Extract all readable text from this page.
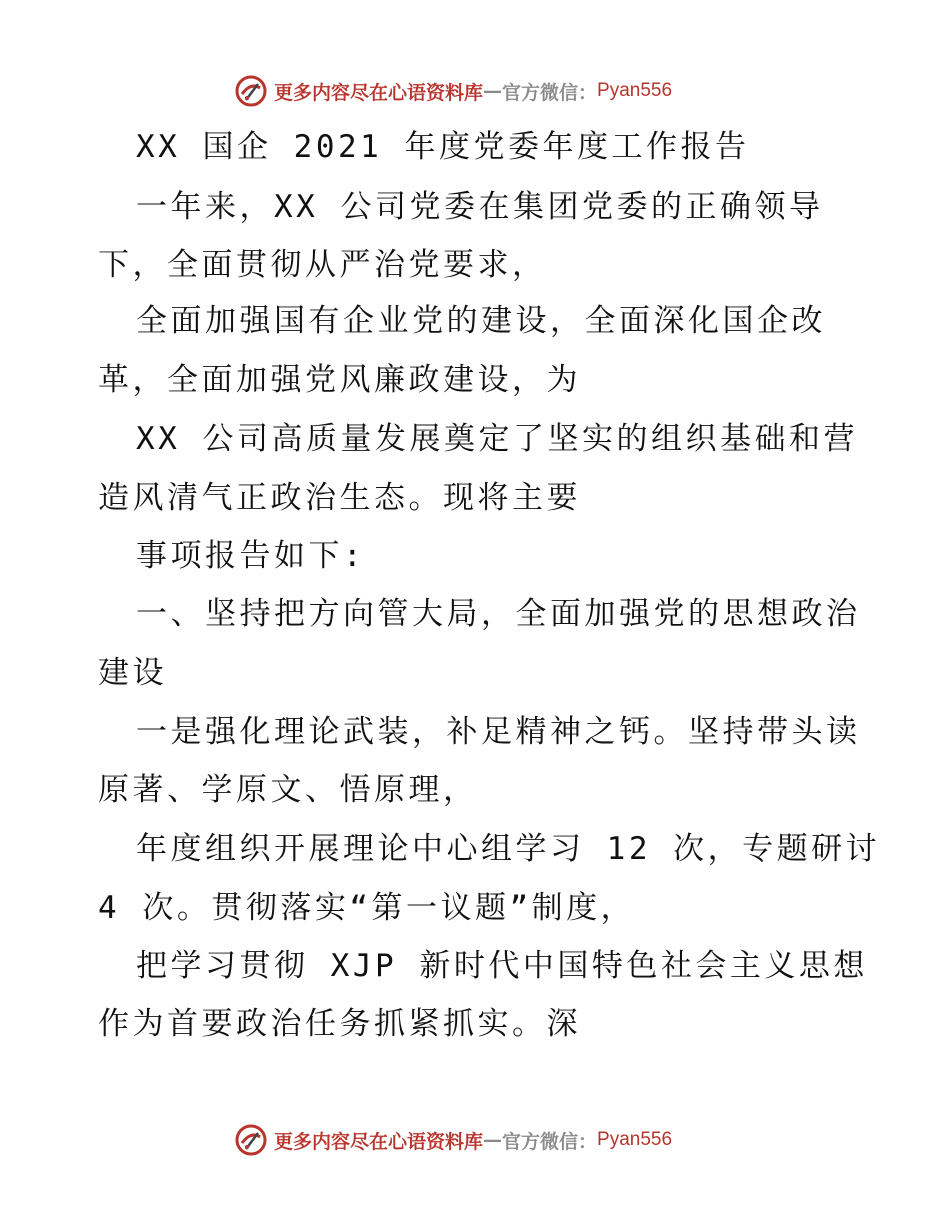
更多内容尽在心语资料库 — 官方微信： Pyan556
XX 国企 2021 年度党委年度工作报告
一年来，XX 公司党委在集团党委的正确领导
下，全面贯彻从严治党要求，
全面加强国有企业党的建设，全面深化国企改
革，全面加强党风廉政建设，为
XX 公司高质量发展奠定了坚实的组织基础和营
造风清气正政治生态。现将主要
事项报告如下:
一、坚持把方向管大局，全面加强党的思想政治
建设
一是强化理论武装，补足精神之钙。坚持带头读
原著、学原文、悟原理，
年度组织开展理论中心组学习 12 次，专题研讨
4 次。贯彻落实“第一议题”制度，
把学习贯彻 XJP 新时代中国特色社会主义思想
作为首要政治任务抓紧抓实。深
更多内容尽在心语资料库 — 官方微信： Pyan556
